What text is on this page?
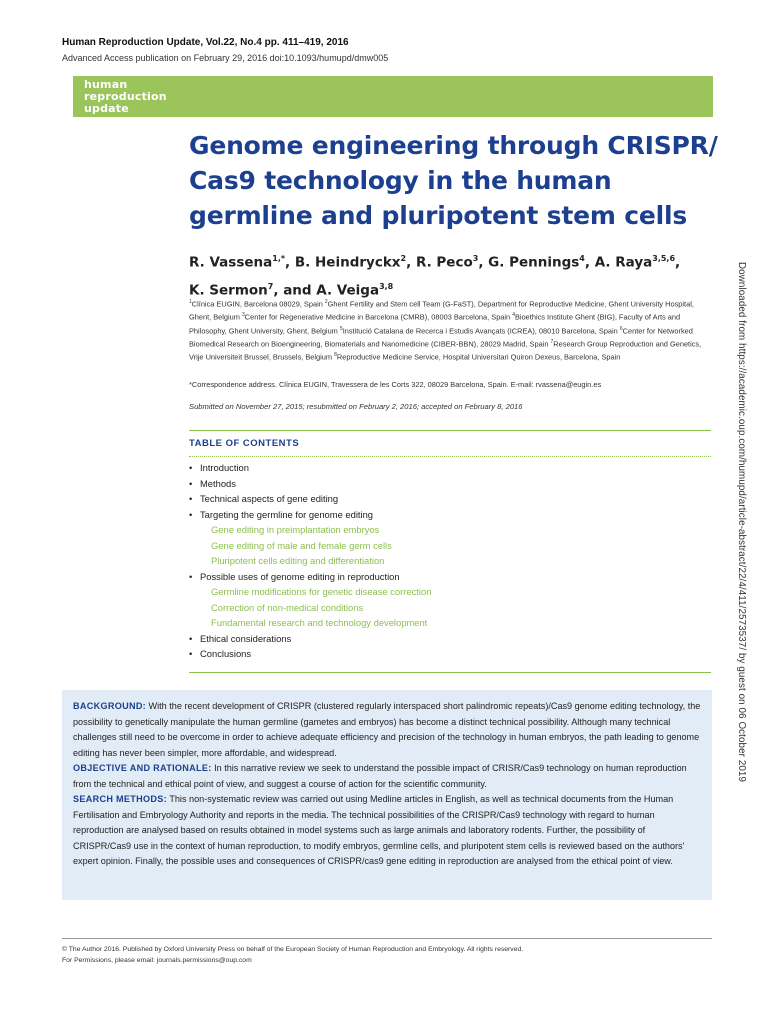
Human Reproduction Update, Vol.22, No.4 pp. 411–419, 2016
Advanced Access publication on February 29, 2016 doi:10.1093/humupd/dmw005
human
reproduction
update
Genome engineering through CRISPR/ Cas9 technology in the human germline and pluripotent stem cells
R. Vassena$^{1,*}$, B. Heindryckx$^2$, R. Peco$^3$, G. Pennings$^4$, A. Raya$^{3,5,6}$,
K. Sermon$^7$, and A. Veiga$^{3,8}$
$^1$Clínica EUGIN, Barcelona 08029, Spain $^2$Ghent Fertility and Stem cell Team (G-FaST), Department for Reproductive Medicine, Ghent University Hospital, Ghent, Belgium $^3$Center for Regenerative Medicine in Barcelona (CMRB), 08003 Barcelona, Spain $^4$Bioethics Institute Ghent (BIG), Faculty of Arts and Philosophy, Ghent University, Ghent, Belgium $^5$Institució Catalana de Recerca i Estudis Avançats (ICREA), 08010 Barcelona, Spain $^6$Center for Networked Biomedical Research on Bioengineering, Biomaterials and Nanomedicine (CIBER-BBN), 28029 Madrid, Spain $^7$Research Group Reproduction and Genetics, Vrije Universiteit Brussel, Brussels, Belgium $^8$Reproductive Medicine Service, Hospital Universitari Quiron Dexeus, Barcelona, Spain
*Correspondence address. Clínica EUGIN, Travessera de les Corts 322, 08029 Barcelona, Spain. E-mail: rvassena@eugin.es
Submitted on November 27, 2015; resubmitted on February 2, 2016; accepted on February 8, 2016
TABLE OF CONTENTS
• Introduction
• Methods
• Technical aspects of gene editing
• Targeting the germline for genome editing
Gene editing in preimplantation embryos
Gene editing of male and female germ cells
Pluripotent cells editing and differentiation
• Possible uses of genome editing in reproduction
Germline modifications for genetic disease correction
Correction of non-medical conditions
Fundamental research and technology development
• Ethical considerations
• Conclusions

BACKGROUND: With the recent development of CRISPR (clustered regularly interspaced short palindromic repeats)/Cas9 genome editing technology, the possibility to genetically manipulate the human germline (gametes and embryos) has become a distinct technical possibility. Although many technical challenges still need to be overcome in order to achieve adequate efficiency and precision of the technology in human embryos, the path leading to genome editing has never been simpler, more affordable, and widespread.

OBJECTIVE AND RATIONALE: In this narrative review we seek to understand the possible impact of CRISR/Cas9 technology on human reproduction from the technical and ethical point of view, and suggest a course of action for the scientific community.

SEARCH METHODS: This non-systematic review was carried out using Medline articles in English, as well as technical documents from the Human Fertilisation and Embryology Authority and reports in the media. The technical possibilities of the CRISPR/Cas9 technology with regard to human reproduction are analysed based on results obtained in model systems such as large animals and laboratory rodents. Further, the possibility of CRISPR/Cas9 use in the context of human reproduction, to modify embryos, germline cells, and pluripotent stem cells is reviewed based on the authors' expert opinion. Finally, the possible uses and consequences of CRISPR/cas9 gene editing in reproduction are analysed from the ethical point of view.

© The Author 2016. Published by Oxford University Press on behalf of the European Society of Human Reproduction and Embryology. All rights reserved.
For Permissions, please email: journals.permissions@oup.com
Downloaded from https://academic.oup.com/humupd/article-abstract/22/4/411/2573537/ by guest on 06 October 2019
